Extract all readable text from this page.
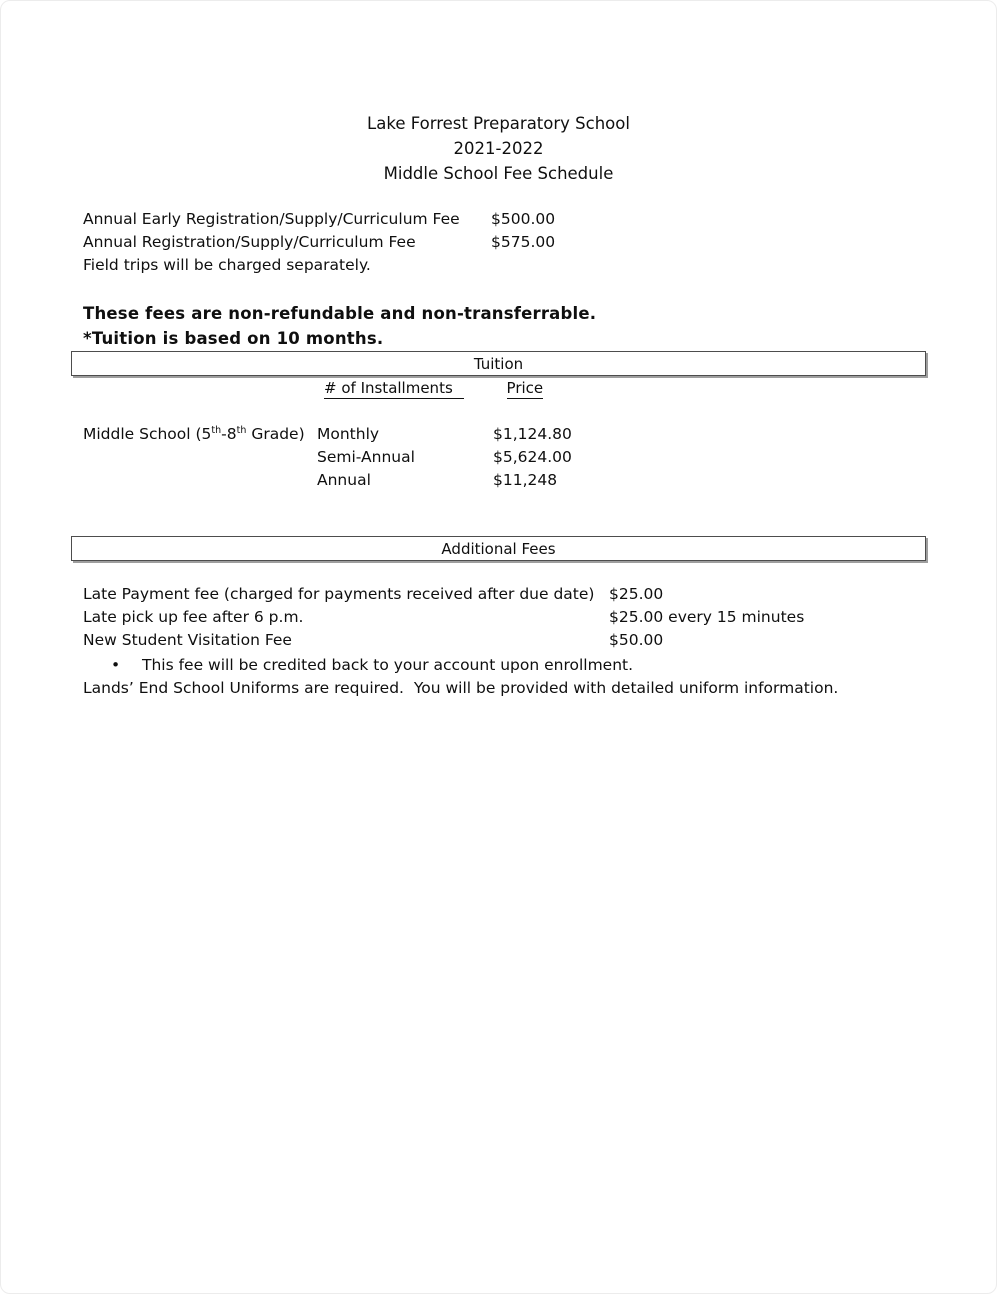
Lake Forrest Preparatory School
2021-2022
Middle School Fee Schedule
Annual Early Registration/Supply/Curriculum Fee	$500.00
Annual Registration/Supply/Curriculum Fee	$575.00
Field trips will be charged separately.
These fees are non-refundable and non-transferrable.
*Tuition is based on 10 months.
Tuition
# of Installments	Price
Middle School (5th-8th Grade) Monthly	$1,124.80
Semi-Annual	$5,624.00
Annual	$11,248
Additional Fees
Late Payment fee (charged for payments received after due date) $25.00
Late pick up fee after 6 p.m.	$25.00 every 15 minutes
New Student Visitation Fee	$50.00
•	This fee will be credited back to your account upon enrollment.
Lands’ End School Uniforms are required.  You will be provided with detailed uniform information.
